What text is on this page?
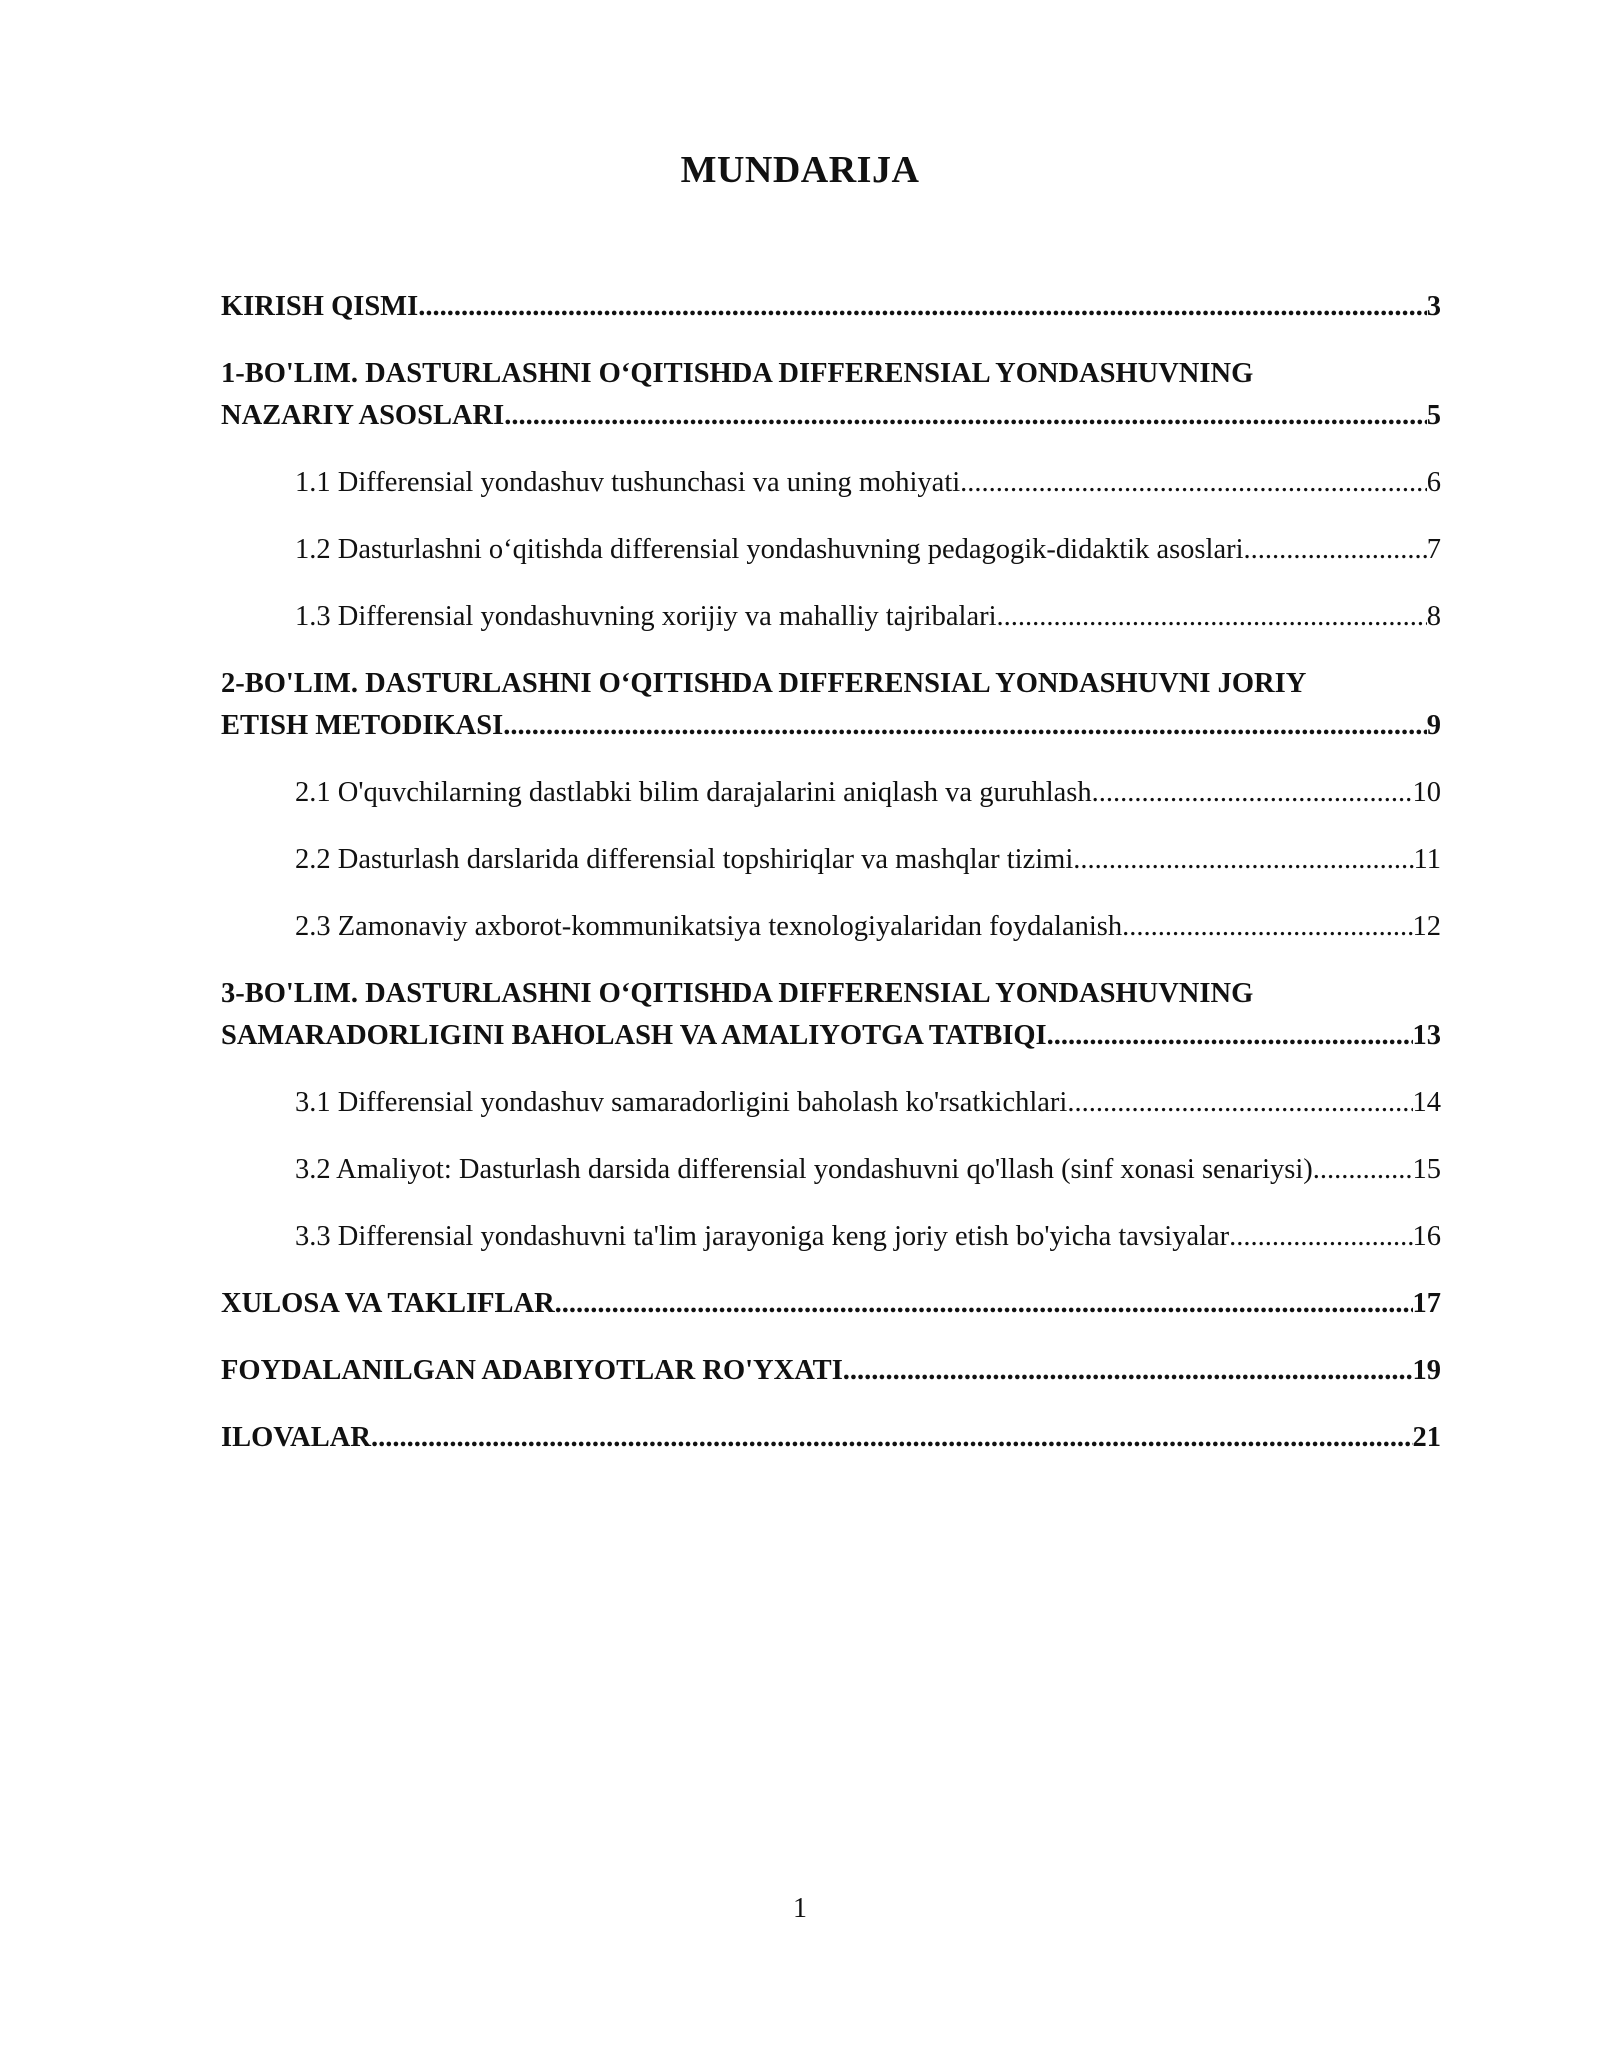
MUNDARIJA
KIRISH QISMI .....	3
1-BO'LIM. DASTURLASHNI O‘QITISHDA DIFFERENSIAL YONDASHUVNING
NAZARIY ASOSLARI .....	5
1.1 Differensial yondashuv tushunchasi va uning mohiyati .....	6
1.2 Dasturlashni o‘qitishda differensial yondashuvning pedagogik-didaktik asoslari .....	7
1.3 Differensial yondashuvning xorijiy va mahalliy tajribalari .....	8
2-BO'LIM. DASTURLASHNI O‘QITISHDA DIFFERENSIAL YONDASHUVNI JORIY
ETISH METODIKASI .....	9
2.1 O'quvchilarning dastlabki bilim darajalarini aniqlash va guruhlash .....	10
2.2 Dasturlash darslarida differensial topshiriqlar va mashqlar tizimi .....	11
2.3 Zamonaviy axborot-kommunikatsiya texnologiyalaridan foydalanish .....	12
3-BO'LIM. DASTURLASHNI O‘QITISHDA DIFFERENSIAL YONDASHUVNING
SAMARADORLIGINI BAHOLASH VA AMALIYOTGA TATBIQI .....	13
3.1 Differensial yondashuv samaradorligini baholash ko'rsatkichlari .....	14
3.2 Amaliyot: Dasturlash darsida differensial yondashuvni qo'llash (sinf xonasi senariysi) .....	15
3.3 Differensial yondashuvni ta'lim jarayoniga keng joriy etish bo'yicha tavsiyalar .....	16
XULOSA VA TAKLIFLAR .....	17
FOYDALANILGAN ADABIYOTLAR RO'YXATI .....	19
ILOVALAR .....	21
1
